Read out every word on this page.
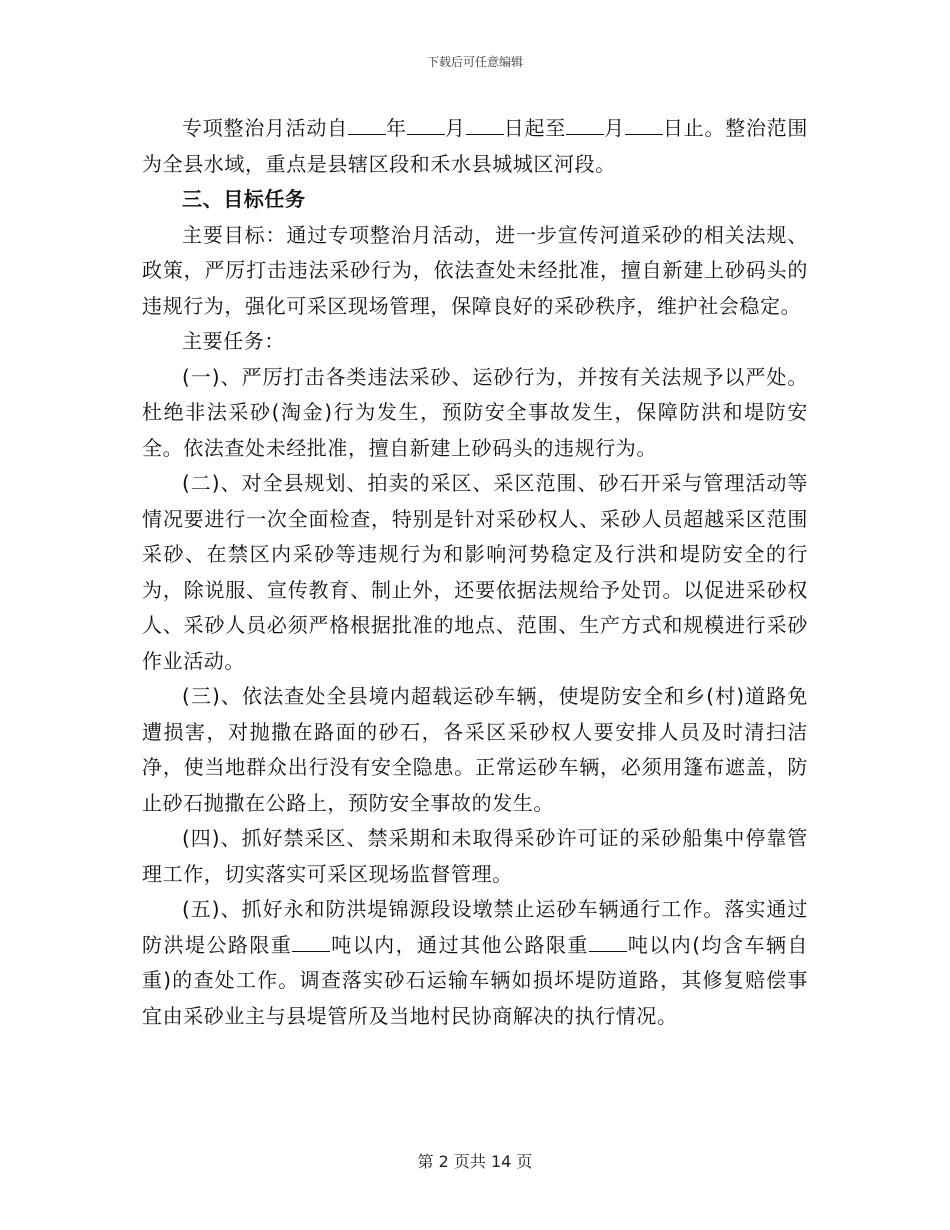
下载后可任意编辑

专项整治月活动自 年 月 日起至 月 日止。整治范围为全县水域，重点是县辖区段和禾水县城城区河段。

三、目标任务

主要目标：通过专项整治月活动，进一步宣传河道采砂的相关法规、政策，严厉打击违法采砂行为，依法查处未经批准，擅自新建上砂码头的违规行为，强化可采区现场管理，保障良好的采砂秩序，维护社会稳定。

主要任务：

(一)、严厉打击各类违法采砂、运砂行为，并按有关法规予以严处。杜绝非法采砂(淘金)行为发生，预防安全事故发生，保障防洪和堤防安全。依法查处未经批准，擅自新建上砂码头的违规行为。

(二)、对全县规划、拍卖的采区、采区范围、砂石开采与管理活动等情况要进行一次全面检查，特别是针对采砂权人、采砂人员超越采区范围采砂、在禁区内采砂等违规行为和影响河势稳定及行洪和堤防安全的行为，除说服、宣传教育、制止外，还要依据法规给予处罚。以促进采砂权人、采砂人员必须严格根据批准的地点、范围、生产方式和规模进行采砂作业活动。

(三)、依法查处全县境内超载运砂车辆，使堤防安全和乡(村)道路免遭损害，对抛撒在路面的砂石，各采区采砂权人要安排人员及时清扫洁净，使当地群众出行没有安全隐患。正常运砂车辆，必须用篷布遮盖，防止砂石抛撒在公路上，预防安全事故的发生。

(四)、抓好禁采区、禁采期和未取得采砂许可证的采砂船集中停靠管理工作，切实落实可采区现场监督管理。

(五)、抓好永和防洪堤锦源段设墩禁止运砂车辆通行工作。落实通过防洪堤公路限重 吨以内，通过其他公路限重 吨以内(均含车辆自重)的查处工作。调查落实砂石运输车辆如损坏堤防道路，其修复赔偿事宜由采砂业主与县堤管所及当地村民协商解决的执行情况。

第 2 页共 14 页
